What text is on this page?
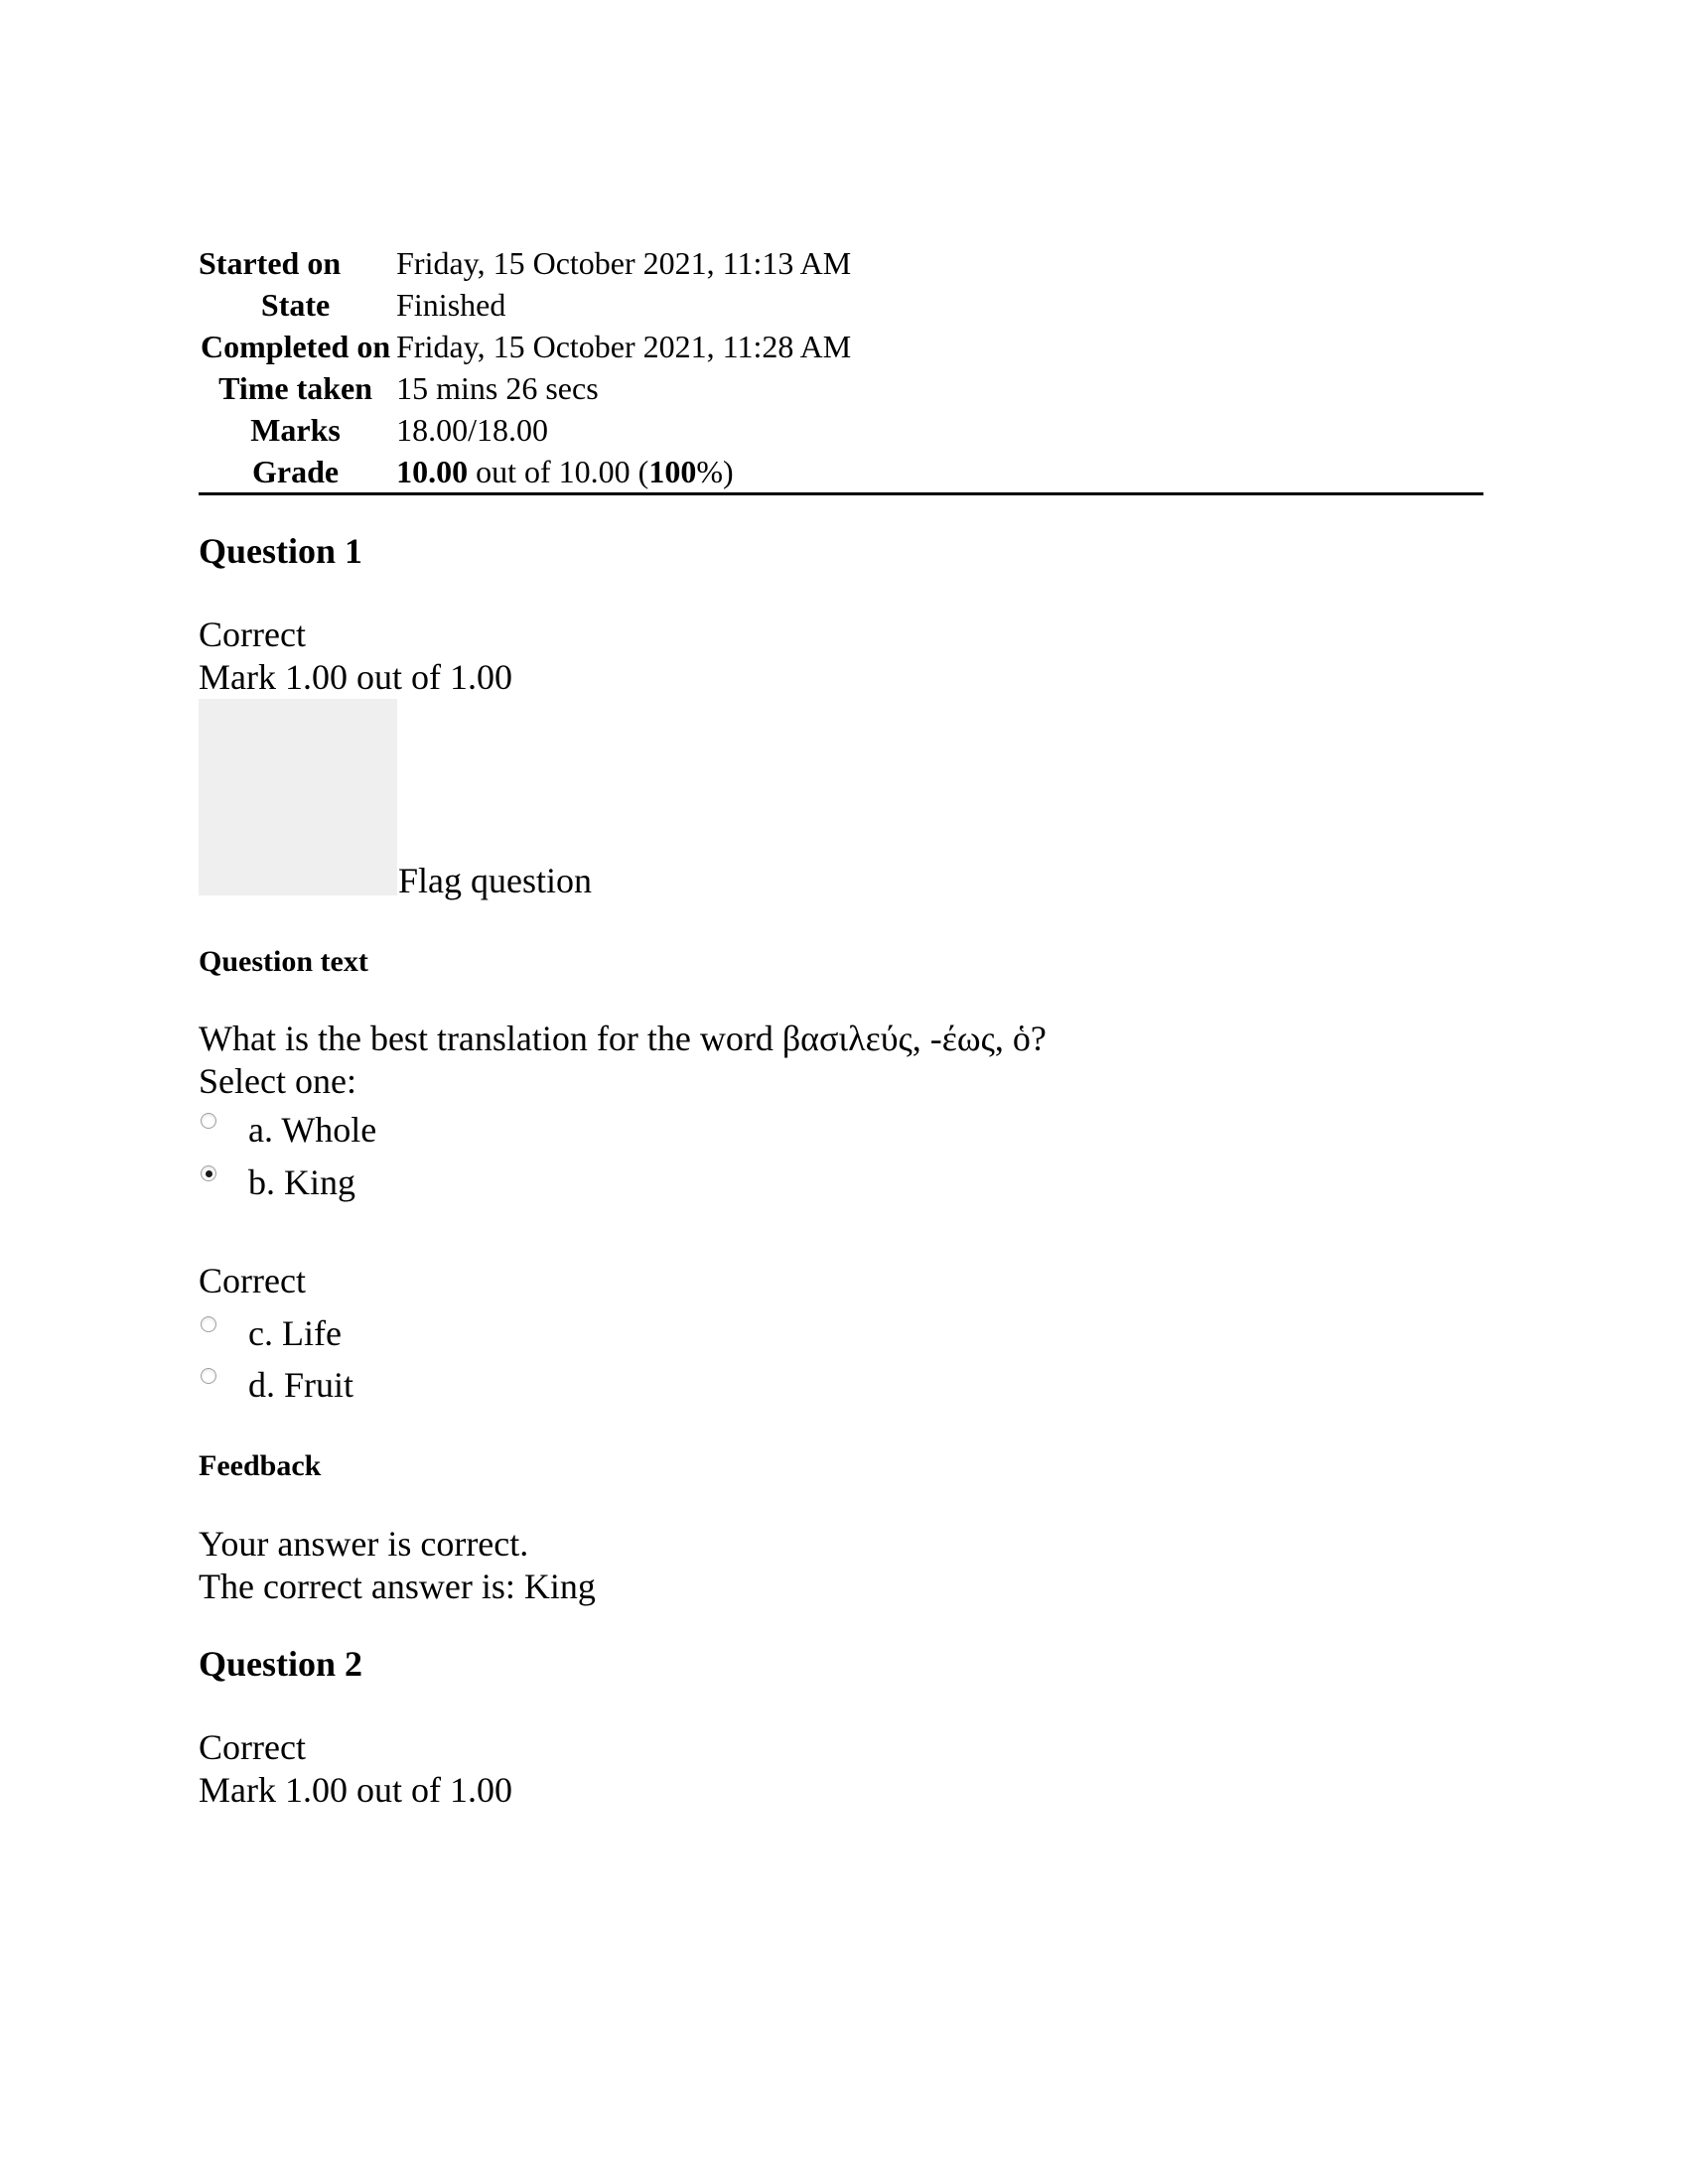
Started on	Friday, 15 October 2021, 11:13 AM
State	Finished
Completed on	Friday, 15 October 2021, 11:28 AM
Time taken	15 mins 26 secs
Marks	18.00/18.00
Grade	10.00 out of 10.00 (100%)
Question 1
Correct
Mark 1.00 out of 1.00
Flag question
Question text
What is the best translation for the word βασιλεύς, -έως, ὁ?
Select one:
a. Whole
b. King
Correct
c. Life
d. Fruit
Feedback
Your answer is correct.
The correct answer is: King
Question 2
Correct
Mark 1.00 out of 1.00
